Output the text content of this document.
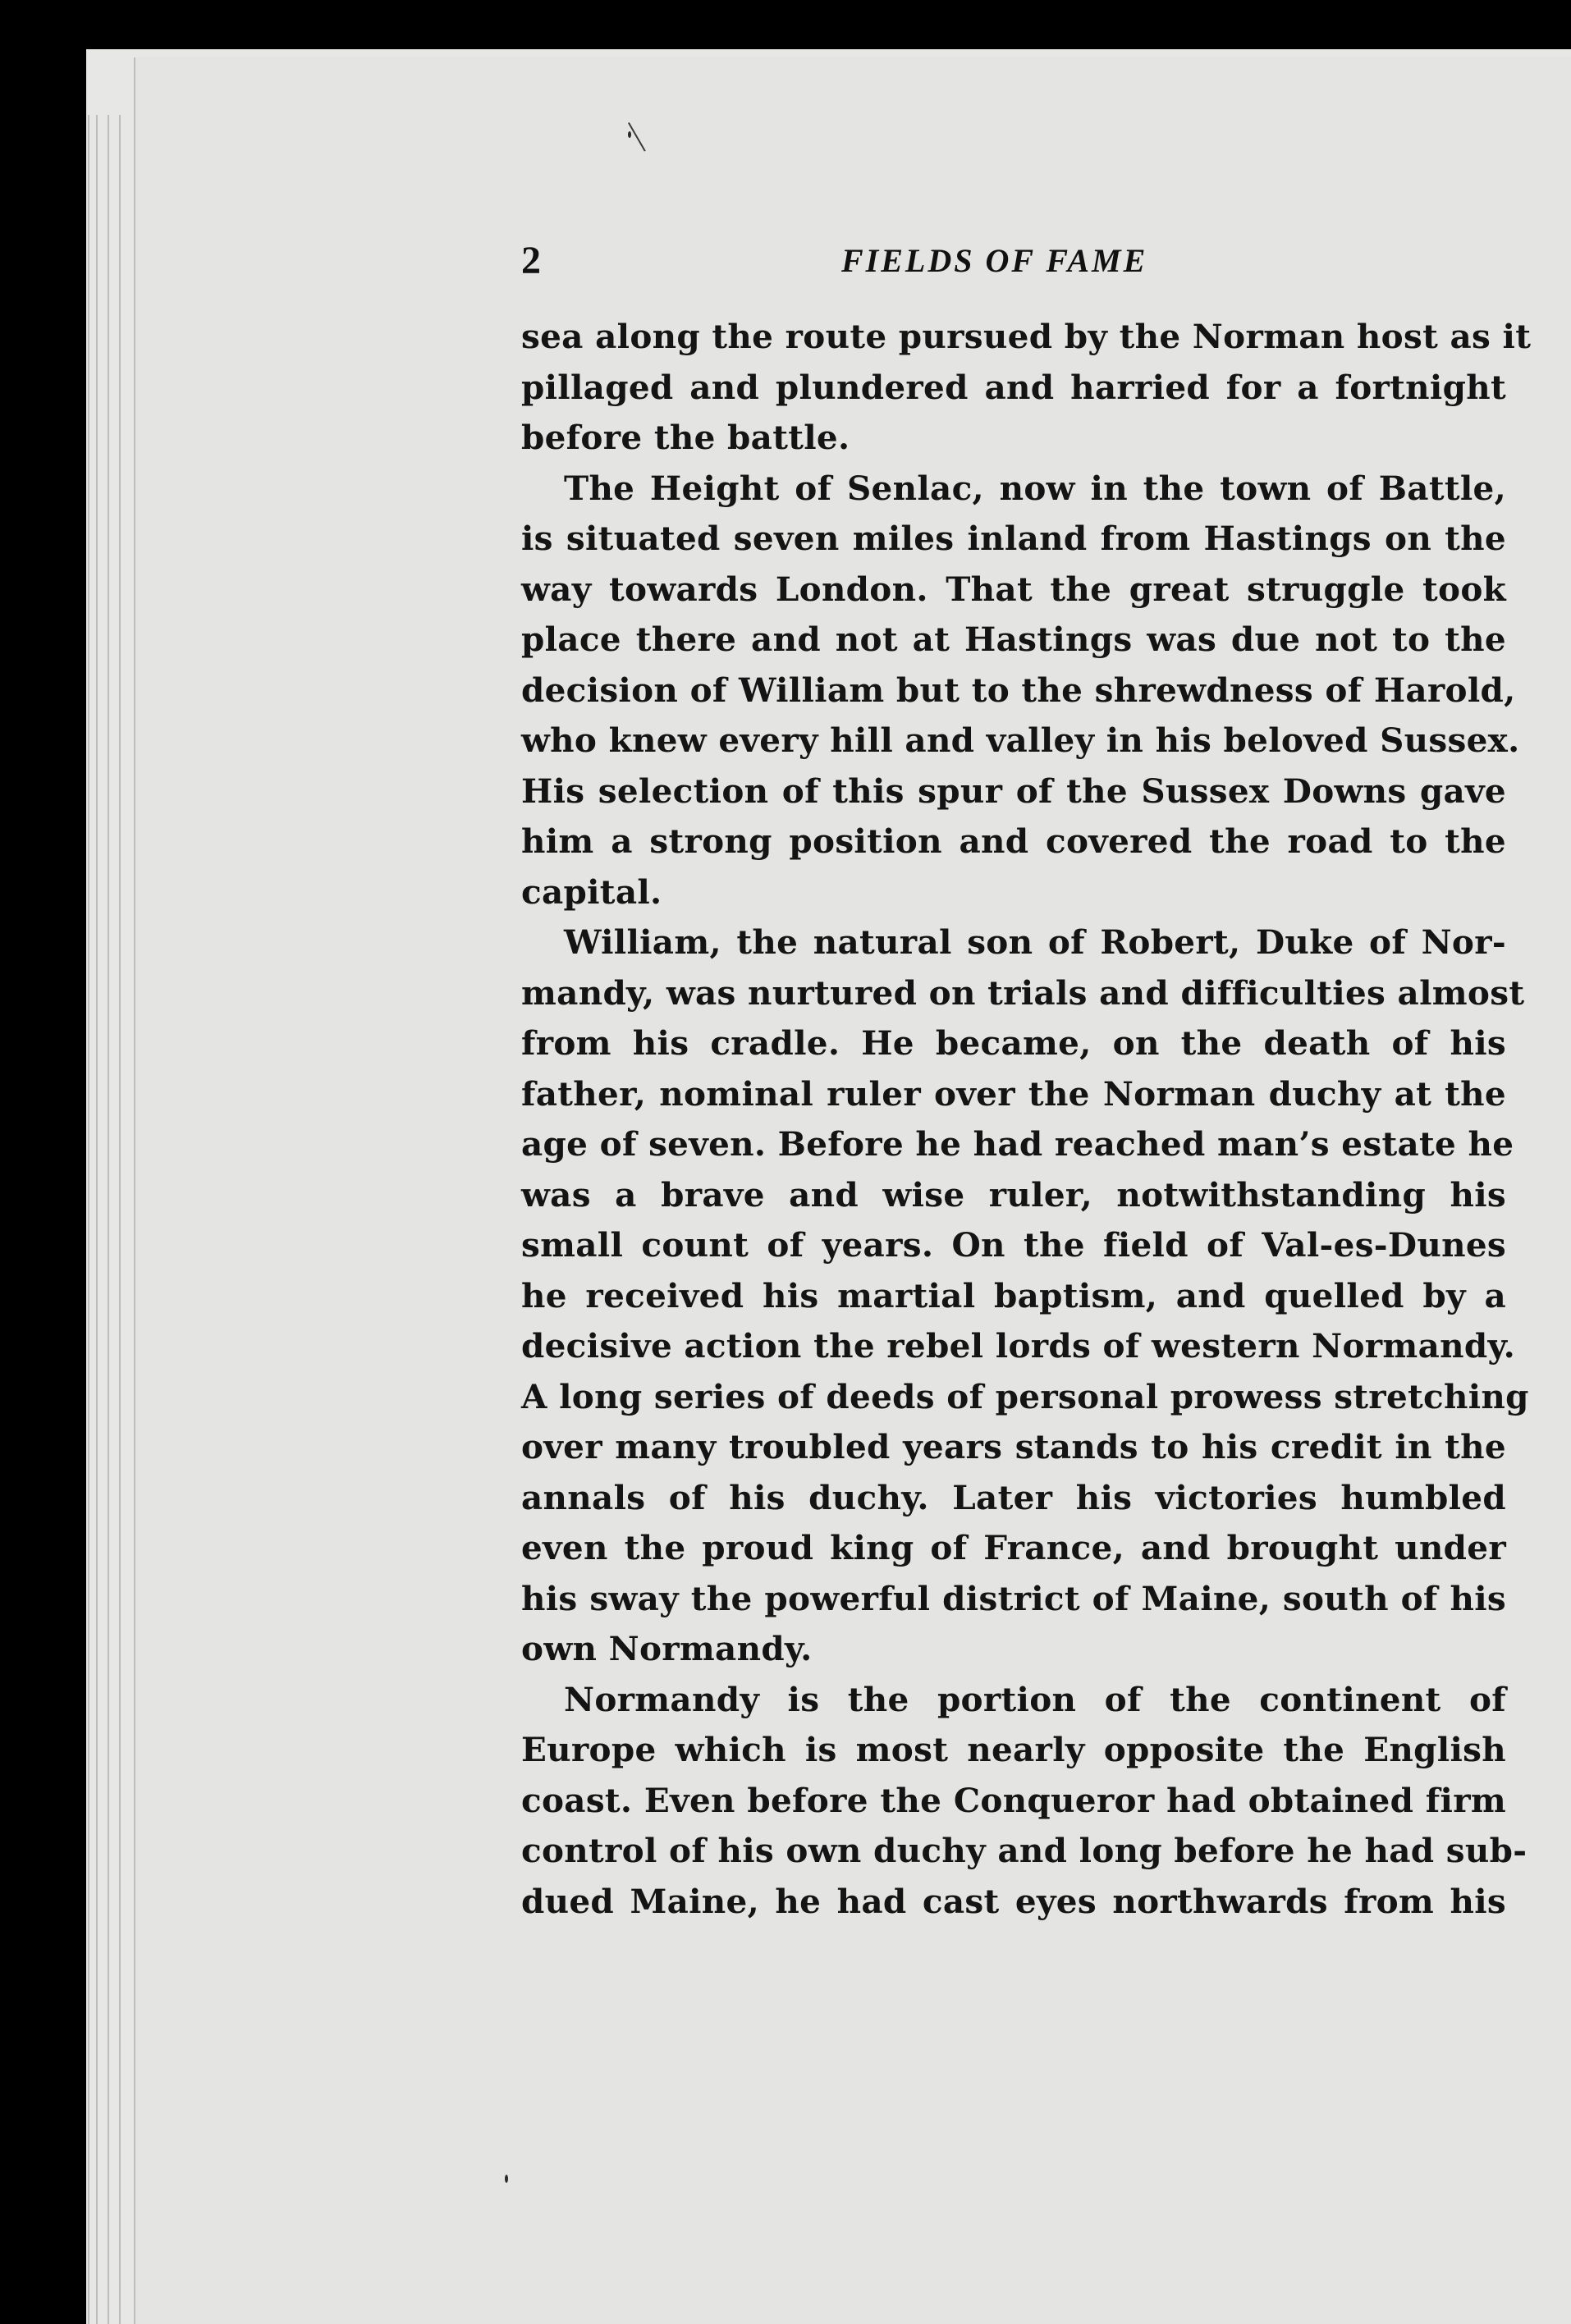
2	FIELDS OF FAME
sea along the route pursued by the Norman host as it
pillaged and plundered and harried for a fortnight
before the battle.
The Height of Senlac, now in the town of Battle,
is situated seven miles inland from Hastings on the
way towards London. That the great struggle took
place there and not at Hastings was due not to the
decision of William but to the shrewdness of Harold,
who knew every hill and valley in his beloved Sussex.
His selection of this spur of the Sussex Downs gave
him a strong position and covered the road to the
capital.
William, the natural son of Robert, Duke of Nor-
mandy, was nurtured on trials and difficulties almost
from his cradle. He became, on the death of his
father, nominal ruler over the Norman duchy at the
age of seven. Before he had reached man’s estate he
was a brave and wise ruler, notwithstanding his
small count of years. On the field of Val-es-Dunes
he received his martial baptism, and quelled by a
decisive action the rebel lords of western Normandy.
A long series of deeds of personal prowess stretching
over many troubled years stands to his credit in the
annals of his duchy. Later his victories humbled
even the proud king of France, and brought under
his sway the powerful district of Maine, south of his
own Normandy.
Normandy is the portion of the continent of
Europe which is most nearly opposite the English
coast. Even before the Conqueror had obtained firm
control of his own duchy and long before he had sub-
dued Maine, he had cast eyes northwards from his
